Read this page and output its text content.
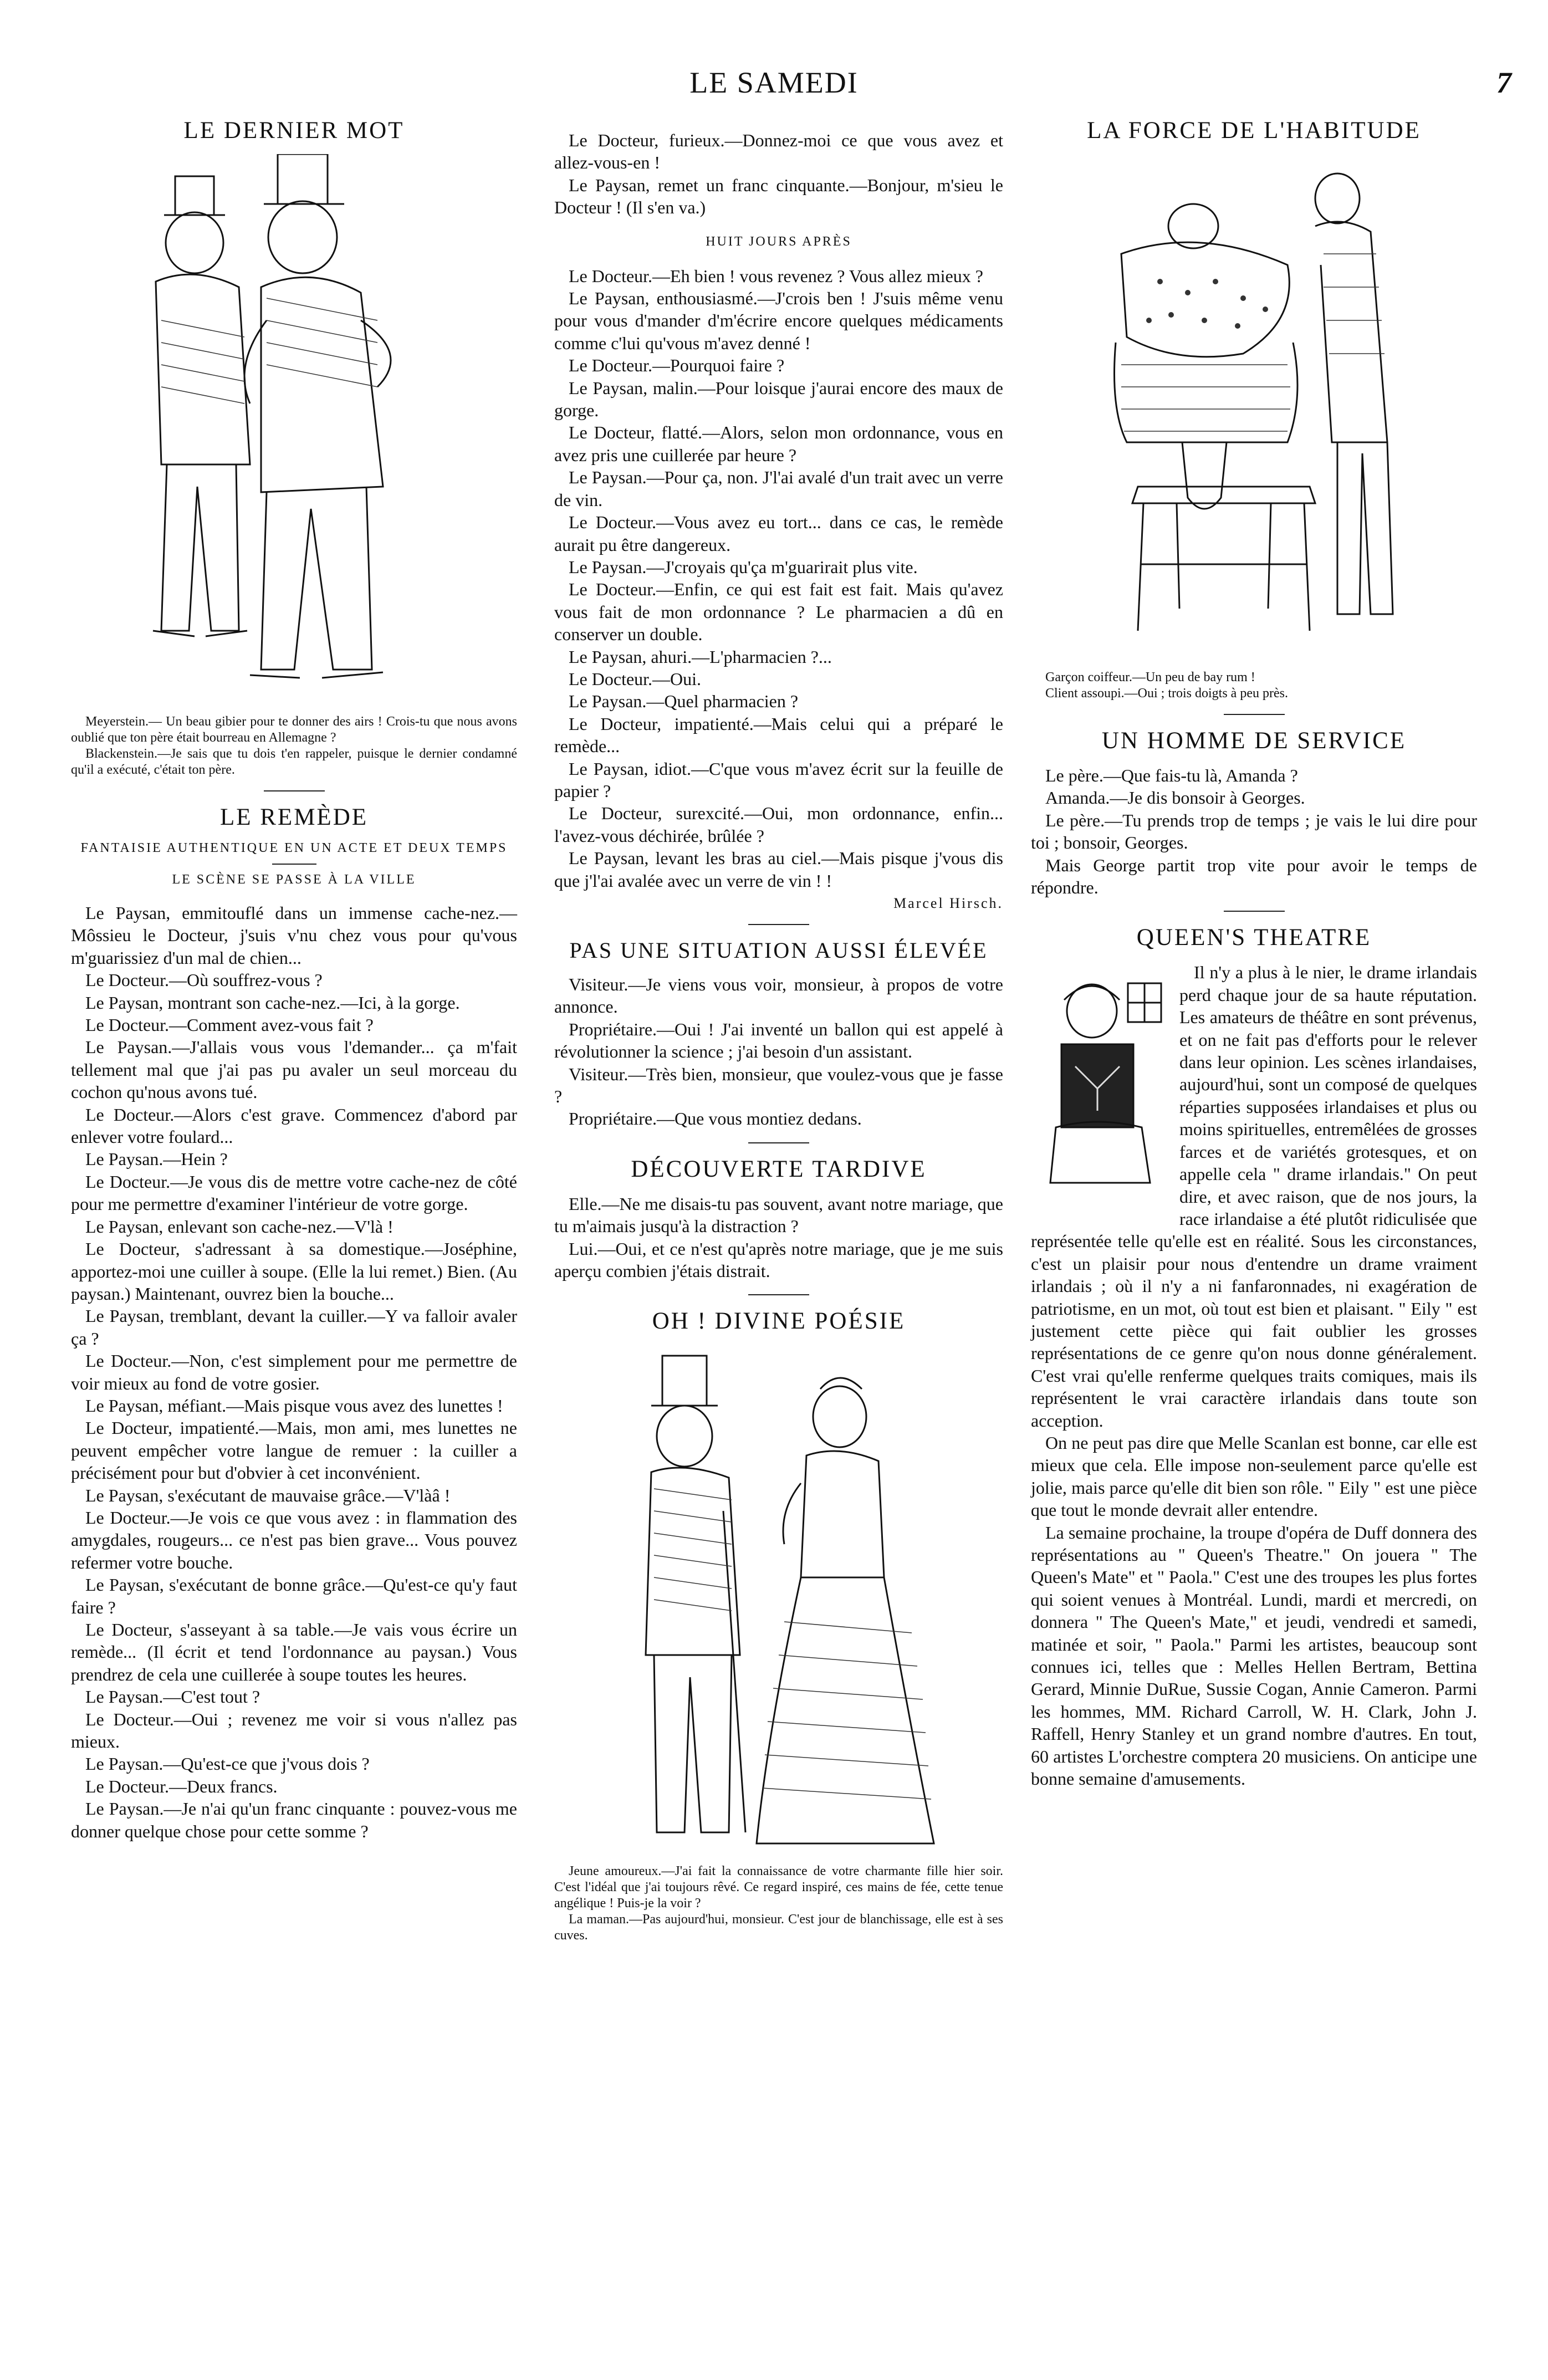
LE SAMEDI	7
LE DERNIER MOT

Meyerstein.— Un beau gibier pour te donner des airs ! Crois-tu que nous avons oublié que ton père était bourreau en Allemagne ?

Blackenstein.—Je sais que tu dois t'en rappeler, puisque le dernier condamné qu'il a exécuté, c'était ton père.

LE REMÈDE
FANTAISIE AUTHENTIQUE EN UN ACTE ET DEUX TEMPS
LE SCÈNE SE PASSE À LA VILLE

Le Paysan, emmitouflé dans un immense cache-nez.—Môssieu le Docteur, j'suis v'nu chez vous pour qu'vous m'guarissiez d'un mal de chien...

Le Docteur.—Où souffrez-vous ?

Le Paysan, montrant son cache-nez.—Ici, à la gorge.

Le Docteur.—Comment avez-vous fait ?

Le Paysan.—J'allais vous vous l'demander... ça m'fait tellement mal que j'ai pas pu avaler un seul morceau du cochon qu'nous avons tué.

Le Docteur.—Alors c'est grave. Commencez d'abord par enlever votre foulard...

Le Paysan.—Hein ?

Le Docteur.—Je vous dis de mettre votre cache-nez de côté pour me permettre d'examiner l'intérieur de votre gorge.

Le Paysan, enlevant son cache-nez.—V'là !

Le Docteur, s'adressant à sa domestique.—Joséphine, apportez-moi une cuiller à soupe. (Elle la lui remet.) Bien. (Au paysan.) Maintenant, ouvrez bien la bouche...

Le Paysan, tremblant, devant la cuiller.—Y va falloir avaler ça ?

Le Docteur.—Non, c'est simplement pour me permettre de voir mieux au fond de votre gosier.

Le Paysan, méfiant.—Mais pisque vous avez des lunettes !

Le Docteur, impatienté.—Mais, mon ami, mes lunettes ne peuvent empêcher votre langue de remuer : la cuiller a précisément pour but d'obvier à cet inconvénient.

Le Paysan, s'exécutant de mauvaise grâce.—V'làâ !

Le Docteur.—Je vois ce que vous avez : in flammation des amygdales, rougeurs... ce n'est pas bien grave... Vous pouvez refermer votre bouche.

Le Paysan, s'exécutant de bonne grâce.—Qu'est-ce qu'y faut faire ?

Le Docteur, s'asseyant à sa table.—Je vais vous écrire un remède... (Il écrit et tend l'ordonnance au paysan.) Vous prendrez de cela une cuillerée à soupe toutes les heures.

Le Paysan.—C'est tout ?

Le Docteur.—Oui ; revenez me voir si vous n'allez pas mieux.

Le Paysan.—Qu'est-ce que j'vous dois ?

Le Docteur.—Deux francs.

Le Paysan.—Je n'ai qu'un franc cinquante : pouvez-vous me donner quelque chose pour cette somme ?

Le Docteur, furieux.—Donnez-moi ce que vous avez et allez-vous-en !

Le Paysan, remet un franc cinquante.—Bonjour, m'sieu le Docteur ! (Il s'en va.)

HUIT JOURS APRÈS

Le Docteur.—Eh bien ! vous revenez ? Vous allez mieux ?

Le Paysan, enthousiasmé.—J'crois ben ! J'suis même venu pour vous d'mander d'm'écrire encore quelques médicaments comme c'lui qu'vous m'avez denné !

Le Docteur.—Pourquoi faire ?

Le Paysan, malin.—Pour loisque j'aurai encore des maux de gorge.

Le Docteur, flatté.—Alors, selon mon ordonnance, vous en avez pris une cuillerée par heure ?

Le Paysan.—Pour ça, non. J'l'ai avalé d'un trait avec un verre de vin.

Le Docteur.—Vous avez eu tort... dans ce cas, le remède aurait pu être dangereux.

Le Paysan.—J'croyais qu'ça m'guarirait plus vite.

Le Docteur.—Enfin, ce qui est fait est fait. Mais qu'avez vous fait de mon ordonnance ? Le pharmacien a dû en conserver un double.

Le Paysan, ahuri.—L'pharmacien ?...

Le Docteur.—Oui.

Le Paysan.—Quel pharmacien ?

Le Docteur, impatienté.—Mais celui qui a préparé le remède...

Le Paysan, idiot.—C'que vous m'avez écrit sur la feuille de papier ?

Le Docteur, surexcité.—Oui, mon ordonnance, enfin... l'avez-vous déchirée, brûlée ?

Le Paysan, levant les bras au ciel.—Mais pisque j'vous dis que j'l'ai avalée avec un verre de vin ! !

Marcel Hirsch.
PAS UNE SITUATION AUSSI ÉLEVÉE

Visiteur.—Je viens vous voir, monsieur, à propos de votre annonce.

Propriétaire.—Oui ! J'ai inventé un ballon qui est appelé à révolutionner la science ; j'ai besoin d'un assistant.

Visiteur.—Très bien, monsieur, que voulez-vous que je fasse ?

Propriétaire.—Que vous montiez dedans.

DÉCOUVERTE TARDIVE

Elle.—Ne me disais-tu pas souvent, avant notre mariage, que tu m'aimais jusqu'à la distraction ?

Lui.—Oui, et ce n'est qu'après notre mariage, que je me suis aperçu combien j'étais distrait.

OH ! DIVINE POÉSIE

Jeune amoureux.—J'ai fait la connaissance de votre charmante fille hier soir. C'est l'idéal que j'ai toujours rêvé. Ce regard inspiré, ces mains de fée, cette tenue angélique ! Puis-je la voir ?

La maman.—Pas aujourd'hui, monsieur. C'est jour de blanchissage, elle est à ses cuves.

LA FORCE DE L'HABITUDE

Garçon coiffeur.—Un peu de bay rum !

Client assoupi.—Oui ; trois doigts à peu près.

UN HOMME DE SERVICE

Le père.—Que fais-tu là, Amanda ?

Amanda.—Je dis bonsoir à Georges.

Le père.—Tu prends trop de temps ; je vais le lui dire pour toi ; bonsoir, Georges.

Mais George partit trop vite pour avoir le temps de répondre.

QUEEN'S THEATRE

Il n'y a plus à le nier, le drame irlandais perd chaque jour de sa haute réputation. Les amateurs de théâtre en sont prévenus, et on ne fait pas d'efforts pour le relever dans leur opinion. Les scènes irlandaises, aujourd'hui, sont un composé de quelques réparties supposées irlandaises et plus ou moins spirituelles, entremêlées de grosses farces et de variétés grotesques, et on appelle cela " drame irlandais." On peut dire, et avec raison, que de nos jours, la race irlandaise a été plutôt ridiculisée que représentée telle qu'elle est en réalité. Sous les circonstances, c'est un plaisir pour nous d'entendre un drame vraiment irlandais ; où il n'y a ni fanfaronnades, ni exagération de patriotisme, en un mot, où tout est bien et plaisant. " Eily " est justement cette pièce qui fait oublier les grosses représentations de ce genre qu'on nous donne généralement. C'est vrai qu'elle renferme quelques traits comiques, mais ils représentent le vrai caractère irlandais dans toute son acception.

On ne peut pas dire que Melle Scanlan est bonne, car elle est mieux que cela. Elle impose non-seulement parce qu'elle est jolie, mais parce qu'elle dit bien son rôle. " Eily " est une pièce que tout le monde devrait aller entendre.

La semaine prochaine, la troupe d'opéra de Duff donnera des représentations au " Queen's Theatre." On jouera " The Queen's Mate" et " Paola." C'est une des troupes les plus fortes qui soient venues à Montréal. Lundi, mardi et mercredi, on donnera " The Queen's Mate," et jeudi, vendredi et samedi, matinée et soir, " Paola." Parmi les artistes, beaucoup sont connues ici, telles que : Melles Hellen Bertram, Bettina Gerard, Minnie DuRue, Sussie Cogan, Annie Cameron. Parmi les hommes, MM. Richard Carroll, W. H. Clark, John J. Raffell, Henry Stanley et un grand nombre d'autres. En tout, 60 artistes L'orchestre comptera 20 musiciens. On anticipe une bonne semaine d'amusements.
